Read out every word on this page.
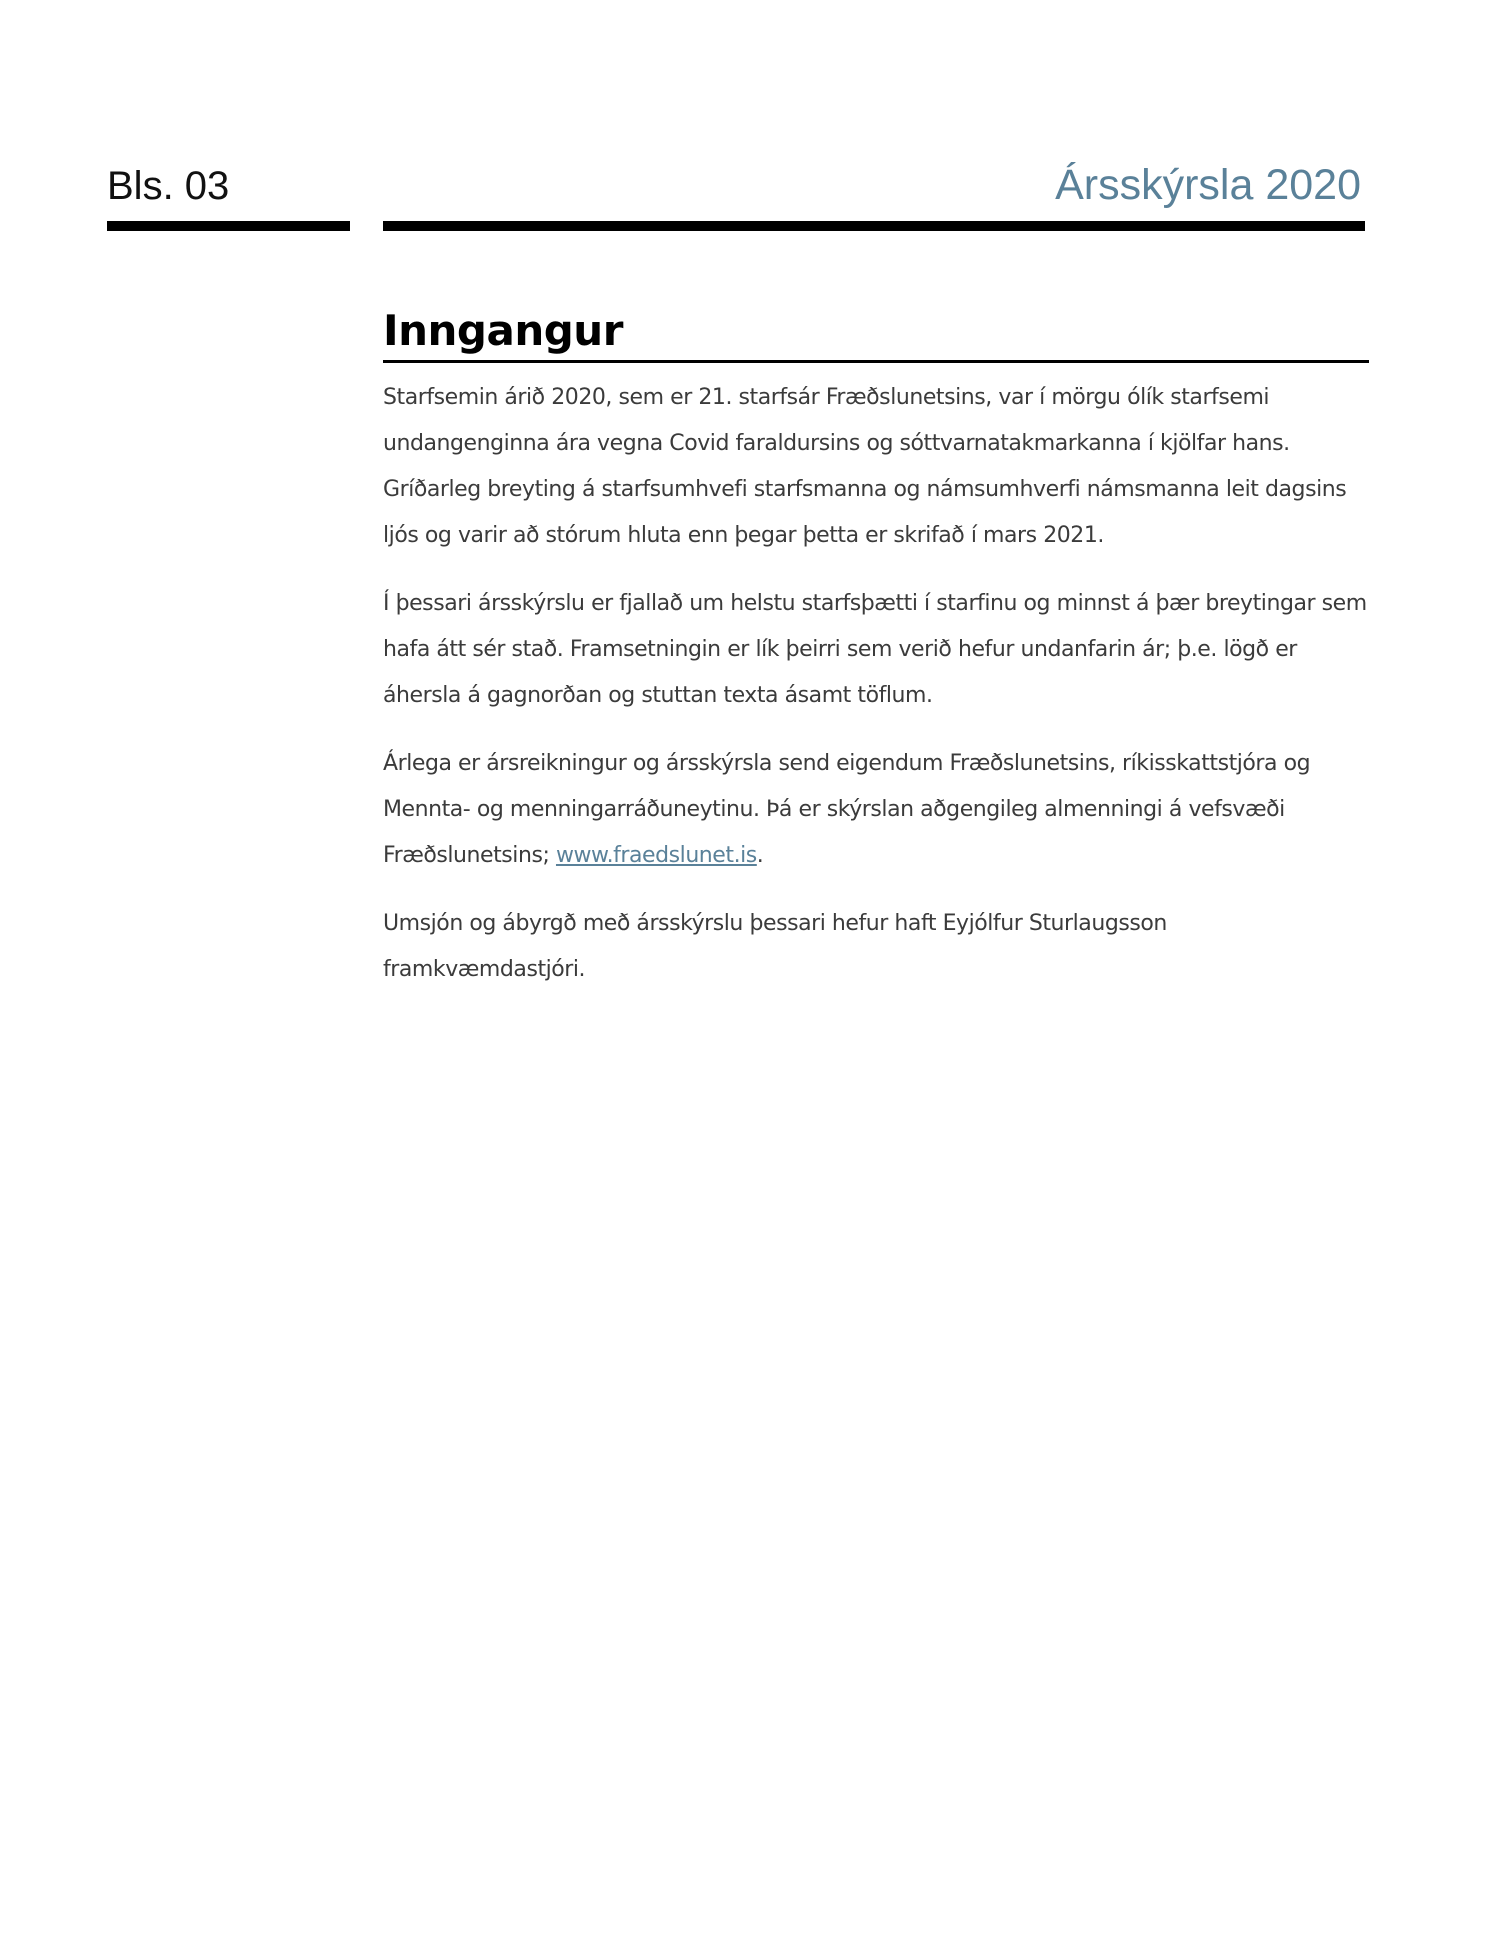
Bls. 03	Ársskýrsla 2020
Inngangur

Starfsemin árið 2020, sem er 21. starfsár Fræðslunetsins, var í mörgu ólík starfsemi undangenginna ára vegna Covid faraldursins og sóttvarnatakmarkanna í kjölfar hans. Gríðarleg breyting á starfsumhvefi starfsmanna og námsumhverfi námsmanna leit dagsins ljós og varir að stórum hluta enn þegar þetta er skrifað í mars 2021.

Í þessari ársskýrslu er fjallað um helstu starfsþætti í starfinu og minnst á þær breytingar sem hafa átt sér stað. Framsetningin er lík þeirri sem verið hefur undanfarin ár; þ.e. lögð er áhersla á gagnorðan og stuttan texta ásamt töflum.

Árlega er ársreikningur og ársskýrsla send eigendum Fræðslunetsins, ríkisskattstjóra og Mennta- og menningarráðuneytinu. Þá er skýrslan aðgengileg almenningi á vefsvæði Fræðslunetsins; www.fraedslunet.is.

Umsjón og ábyrgð með ársskýrslu þessari hefur haft Eyjólfur Sturlaugsson framkvæmdastjóri.
